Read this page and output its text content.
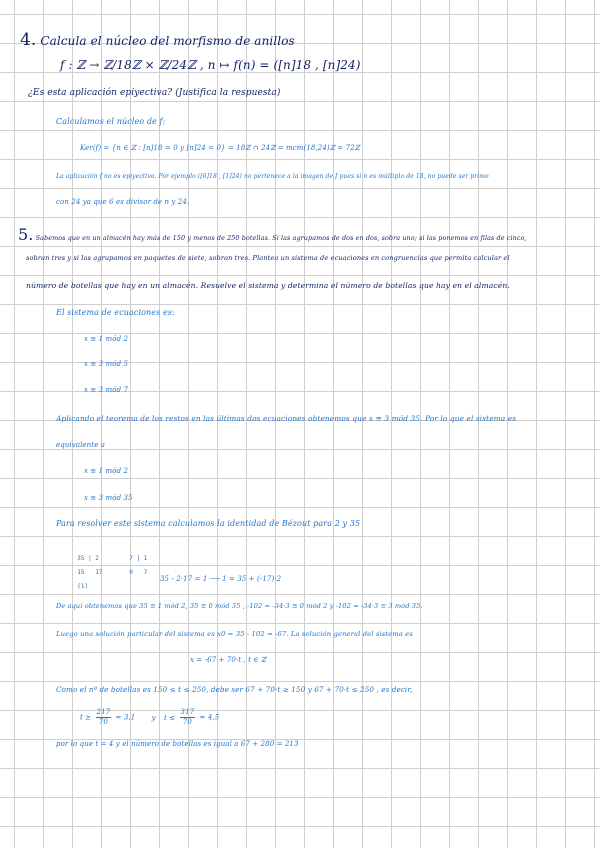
4. Calcula el núcleo del morfismo de anillos
f : ℤ → ℤ/18ℤ × ℤ/24ℤ , n ↦ f(n) = ([n]18 , [n]24)
¿Es esta aplicación epiyectiva? (Justifica la respuesta)
Calculamos el núcleo de f:
Ker(f) = {n ∈ ℤ : [n]18 = 0 y [n]24 = 0} = 18ℤ ∩ 24ℤ = mcm(18,24)ℤ = 72ℤ
La aplicación f no es epiyectiva. Por ejemplo ([6]18 , [1]24) no pertenece a la imagen de f pues si n es múltiplo de 18, no puede ser primo
con 24 ya que 6 es divisor de n y 24.
5. Sabemos que en un almacén hay más de 150 y menos de 250 botellas. Si las agrupamos de dos en dos, sobra uno; si las ponemos en filas de cinco,
sobran tres y si las agrupamos en paquetes de siete, sobran tres. Plantea un sistema de ecuaciones en congruencias que permita calcular el
número de botellas que hay en un almacén. Resuelve el sistema y determina el número de botellas que hay en el almacén.
El sistema de ecuaciones es:
x ≡ 1 mód 2
x ≡ 3 mód 5
x ≡ 3 mód 7
Aplicando el teorema de los restos en las últimas dos ecuaciones obtenemos que x ≡ 3 mód 35. Por lo que el sistema es
equivalente a
x ≡ 1 mód 2
x ≡ 3 mód 35
Para resolver este sistema calculamos la identidad de Bézout para 2 y 35

35 | 2

15   17

(1)

7 | 1

0   7

35 - 2·17 = 1 ⟶ 1 = 35 + (-17)·2
De aquí obtenemos que 35 ≡ 1 mód 2, 35 ≡ 0 mód 35 , -102 = -34·3 ≡ 0 mód 2 y -102 = -34·3 ≡ 3 mód 35.
Luego una solución particular del sistema es x0 = 35 - 102 = -67. La solución general del sistema es
x = -67 + 70·t , t ∈ ℤ
Como el nº de botellas es 150 ≤ t ≤ 250, debe ser 67 + 70·t ≥ 150 y 67 + 70·t ≤ 250 , es decir,
$t \ge \frac{217}{70} = 3,1$ y $t \le \frac{317}{70} = 4,5$
por lo que t = 4 y el número de botellas es igual a 67 + 280 = 213
